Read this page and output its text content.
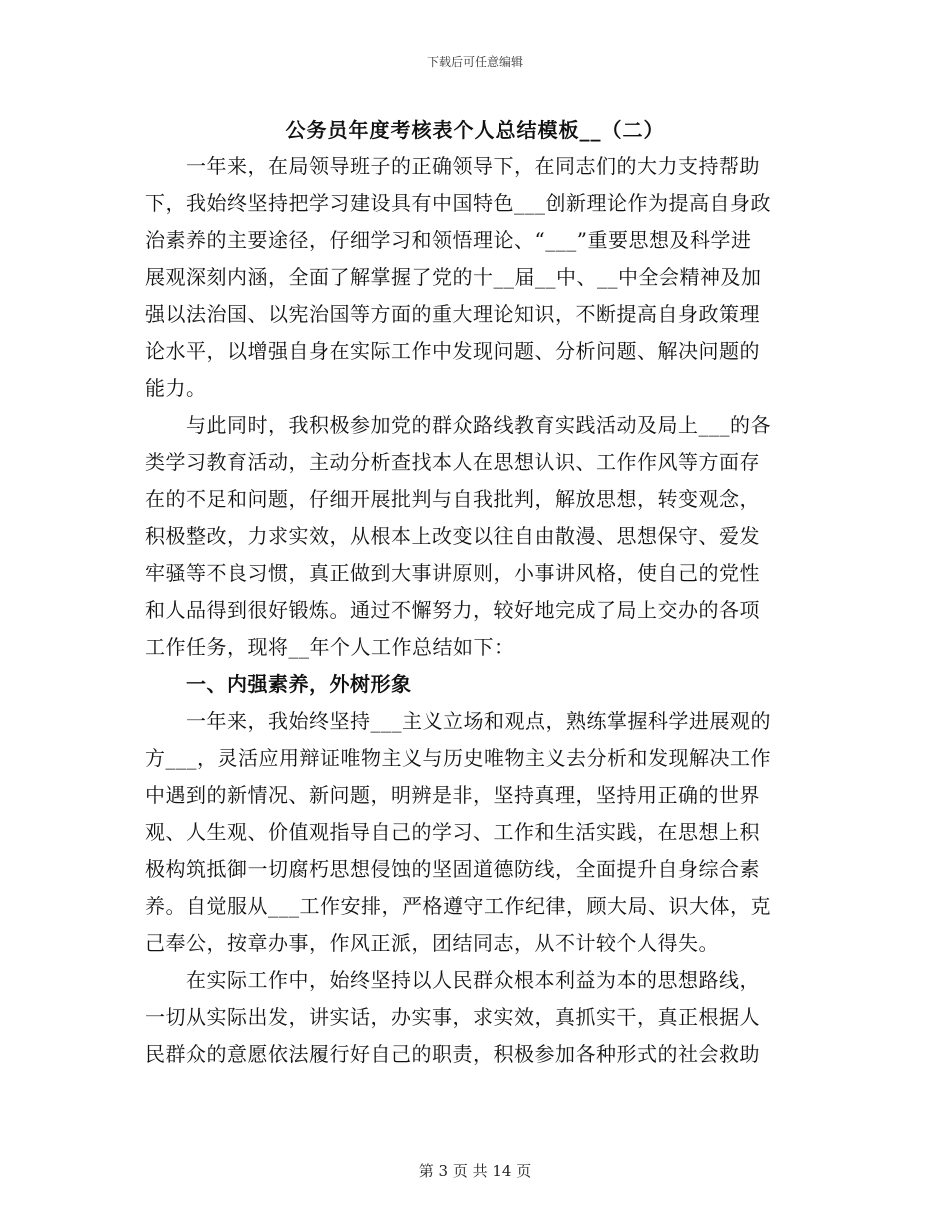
下载后可任意编辑
公务员年度考核表个人总结模板__（二）
一年来，在局领导班子的正确领导下，在同志们的大力支持帮助
下，我始终坚持把学习建设具有中国特色___创新理论作为提高自身政
治素养的主要途径，仔细学习和领悟理论、“___”重要思想及科学进
展观深刻内涵，全面了解掌握了党的十__届__中、__中全会精神及加
强以法治国、以宪治国等方面的重大理论知识，不断提高自身政策理
论水平，以增强自身在实际工作中发现问题、分析问题、解决问题的
能力。
与此同时，我积极参加党的群众路线教育实践活动及局上___的各
类学习教育活动，主动分析查找本人在思想认识、工作作风等方面存
在的不足和问题，仔细开展批判与自我批判，解放思想，转变观念，
积极整改，力求实效，从根本上改变以往自由散漫、思想保守、爱发
牢骚等不良习惯，真正做到大事讲原则，小事讲风格，使自己的党性
和人品得到很好锻炼。通过不懈努力，较好地完成了局上交办的各项
工作任务，现将__年个人工作总结如下：
一、内强素养，外树形象
一年来，我始终坚持___主义立场和观点，熟练掌握科学进展观的
方___，灵活应用辩证唯物主义与历史唯物主义去分析和发现解决工作
中遇到的新情况、新问题，明辨是非，坚持真理，坚持用正确的世界
观、人生观、价值观指导自己的学习、工作和生活实践，在思想上积
极构筑抵御一切腐朽思想侵蚀的坚固道德防线，全面提升自身综合素
养。自觉服从___工作安排，严格遵守工作纪律，顾大局、识大体，克
己奉公，按章办事，作风正派，团结同志，从不计较个人得失。
在实际工作中，始终坚持以人民群众根本利益为本的思想路线，
一切从实际出发，讲实话，办实事，求实效，真抓实干，真正根据人
民群众的意愿依法履行好自己的职责，积极参加各种形式的社会救助
第 3 页 共 14 页
